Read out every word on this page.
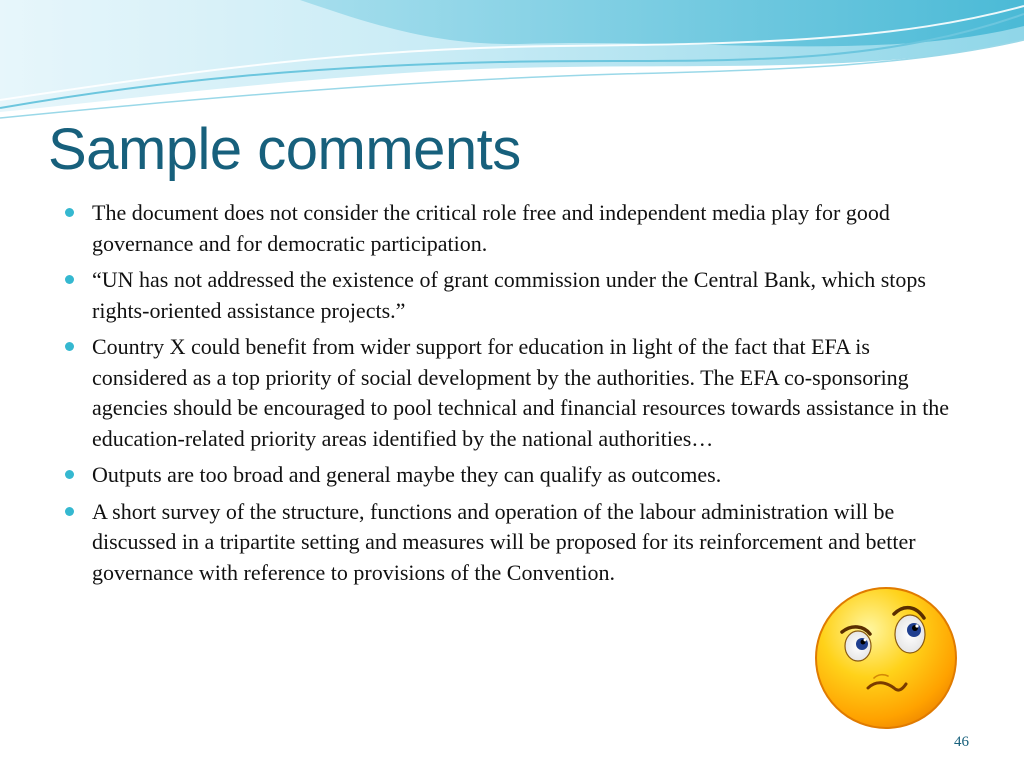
Sample comments
The document does not consider the critical role free and independent media play for good governance and for democratic participation.
“UN has not addressed the existence of grant commission under the Central Bank, which stops rights-oriented assistance projects.”
Country X could benefit from wider support for education in light of the fact that EFA is considered as a top priority of social development by the authorities. The EFA co-sponsoring agencies should be encouraged to pool technical and financial resources towards assistance in the education-related priority areas identified by the national authorities…
Outputs are too broad and general maybe they can qualify as outcomes.
A short survey of the structure, functions and operation of the labour administration will be discussed in a tripartite setting and measures will be proposed for its reinforcement and better governance with reference to provisions of the Convention.
46
